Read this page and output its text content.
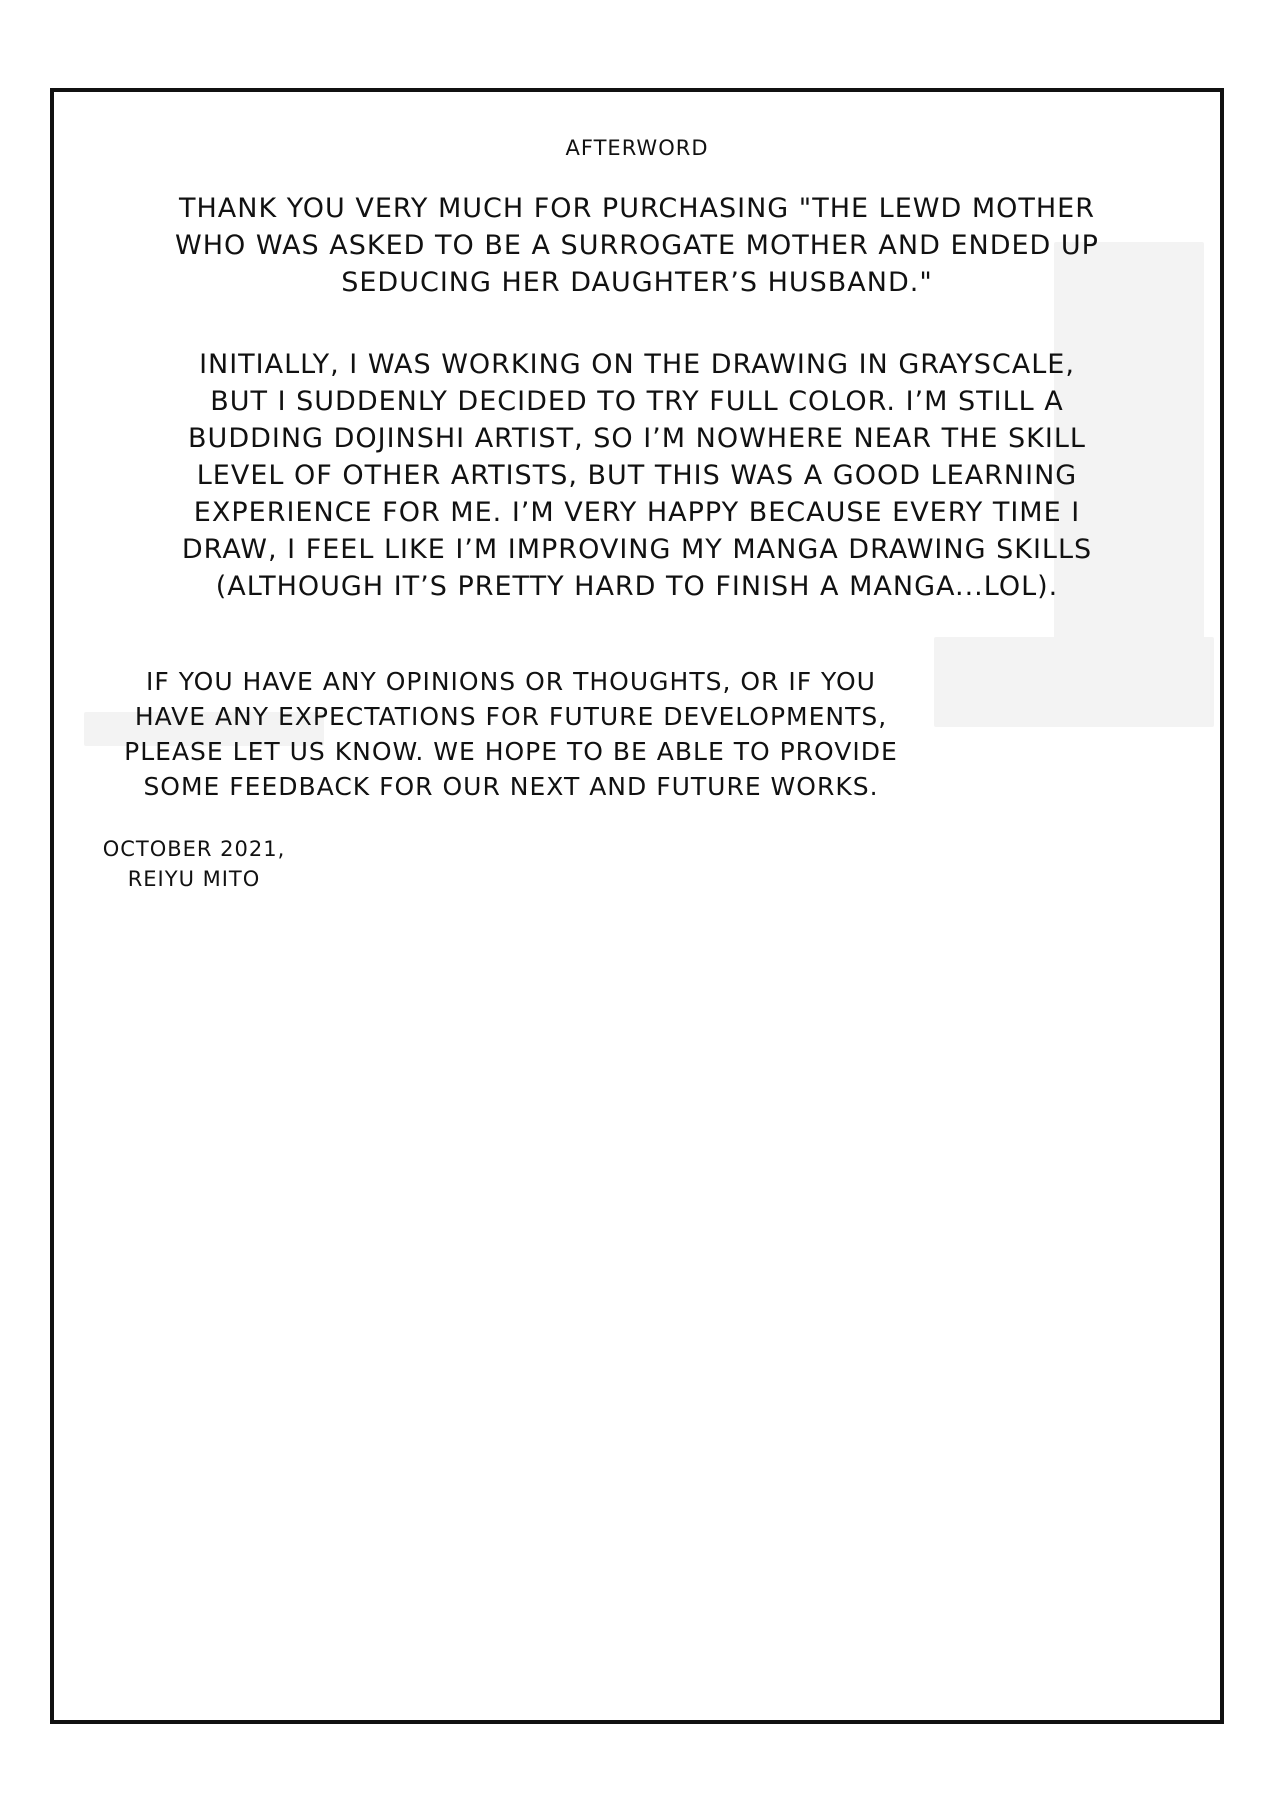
AFTERWORD

THANK YOU VERY MUCH FOR PURCHASING "THE LEWD MOTHER
WHO WAS ASKED TO BE A SURROGATE MOTHER AND ENDED UP
SEDUCING HER DAUGHTER’S HUSBAND."

INITIALLY, I WAS WORKING ON THE DRAWING IN GRAYSCALE,
BUT I SUDDENLY DECIDED TO TRY FULL COLOR. I’M STILL A
BUDDING DOJINSHI ARTIST, SO I’M NOWHERE NEAR THE SKILL
LEVEL OF OTHER ARTISTS, BUT THIS WAS A GOOD LEARNING
EXPERIENCE FOR ME. I’M VERY HAPPY BECAUSE EVERY TIME I
DRAW, I FEEL LIKE I’M IMPROVING MY MANGA DRAWING SKILLS
(ALTHOUGH IT’S PRETTY HARD TO FINISH A MANGA...LOL).

IF YOU HAVE ANY OPINIONS OR THOUGHTS, OR IF YOU
HAVE ANY EXPECTATIONS FOR FUTURE DEVELOPMENTS,
PLEASE LET US KNOW. WE HOPE TO BE ABLE TO PROVIDE
SOME FEEDBACK FOR OUR NEXT AND FUTURE WORKS.

OCTOBER 2021,
REIYU MITO
